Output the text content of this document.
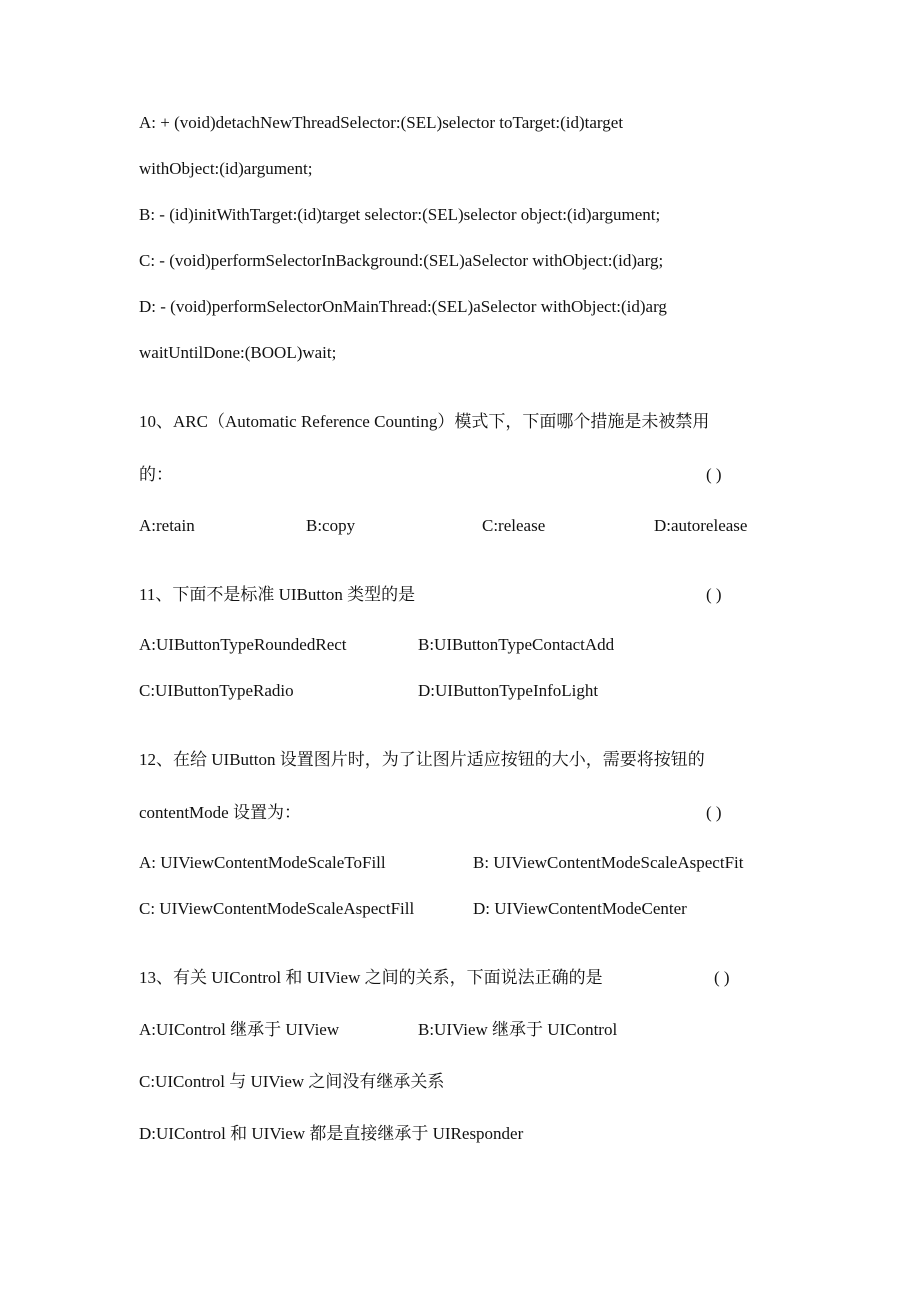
A: + (void)detachNewThreadSelector:(SEL)selector toTarget:(id)target
withObject:(id)argument;
B: - (id)initWithTarget:(id)target selector:(SEL)selector object:(id)argument;
C: - (void)performSelectorInBackground:(SEL)aSelector withObject:(id)arg;
D: - (void)performSelectorOnMainThread:(SEL)aSelector withObject:(id)arg
waitUntilDone:(BOOL)wait;
10、ARC（Automatic Reference Counting）模式下，下面哪个措施是未被禁用
的：	( )
A:retain	B:copy	C:release	D:autorelease
11、下面不是标准 UIButton 类型的是	( )
A:UIButtonTypeRoundedRect	B:UIButtonTypeContactAdd
C:UIButtonTypeRadio	D:UIButtonTypeInfoLight
12、在给 UIButton 设置图片时，为了让图片适应按钮的大小，需要将按钮的
contentMode 设置为：	( )
A: UIViewContentModeScaleToFill	B: UIViewContentModeScaleAspectFit
C: UIViewContentModeScaleAspectFill	D: UIViewContentModeCenter
13、有关 UIControl 和 UIView 之间的关系，下面说法正确的是	( )
A:UIControl 继承于 UIView	B:UIView 继承于 UIControl
C:UIControl 与 UIView 之间没有继承关系
D:UIControl 和 UIView 都是直接继承于 UIResponder
